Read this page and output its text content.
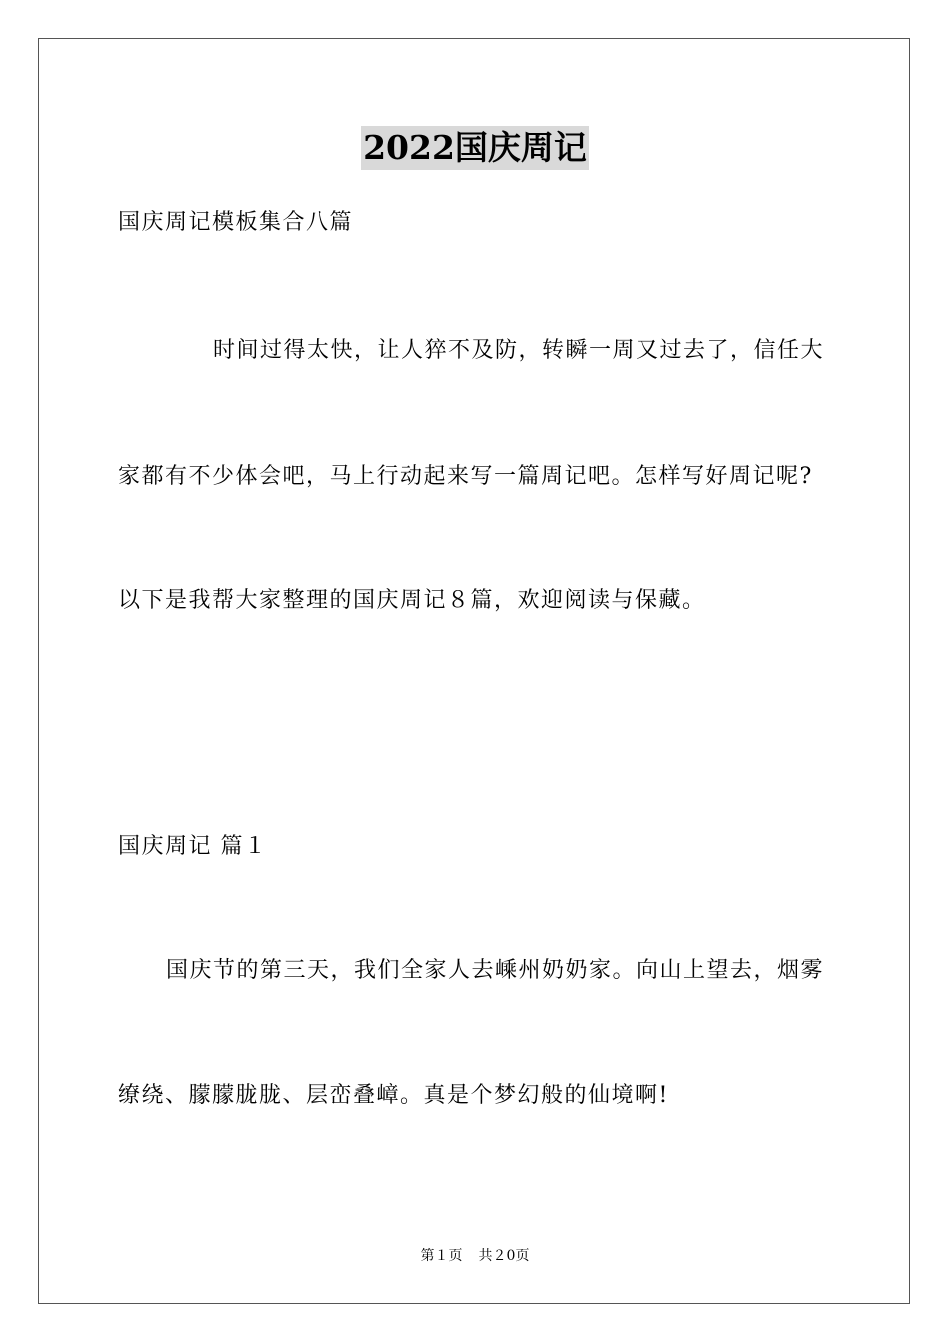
2022国庆周记
国庆周记模板集合八篇
时间过得太快，让人猝不及防，转瞬一周又过去了，信任大
家都有不少体会吧，马上行动起来写一篇周记吧。怎样写好周记呢?
以下是我帮大家整理的国庆周记８篇，欢迎阅读与保藏。
国庆周记 篇１
国庆节的第三天，我们全家人去嵊州奶奶家。向山上望去，烟雾
缭绕、朦朦胧胧、层峦叠嶂。真是个梦幻般的仙境啊!
第１页 共２0页
